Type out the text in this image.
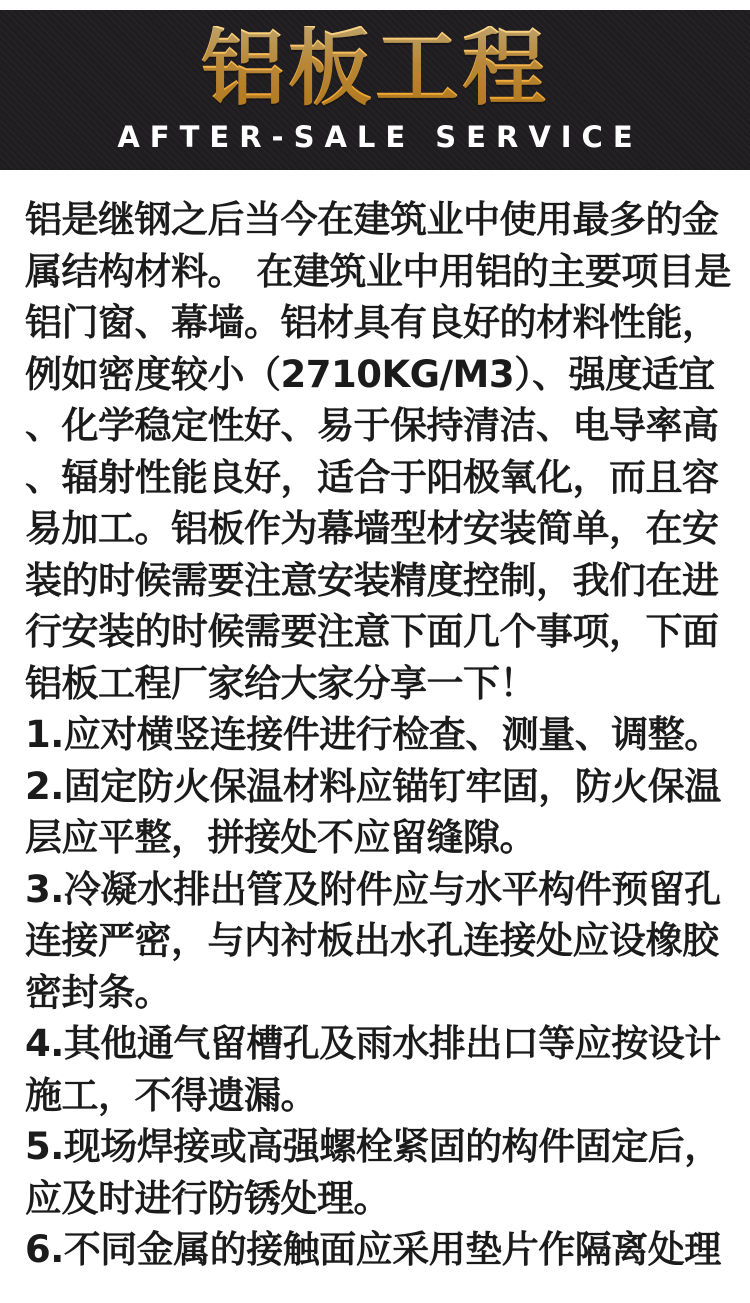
铝板工程
AFTER-SALE SERVICE
铝是继钢之后当今在建筑业中使用最多的金
属结构材料。 在建筑业中用铝的主要项目是
铝门窗、幕墙。铝材具有良好的材料性能，
例如密度较小（2710KG/M3）、强度适宜
、化学稳定性好、易于保持清洁、电导率高
、辐射性能良好，适合于阳极氧化，而且容
易加工。铝板作为幕墙型材安装简单，在安
装的时候需要注意安装精度控制，我们在进
行安装的时候需要注意下面几个事项，下面
铝板工程厂家给大家分享一下！
1.应对横竖连接件进行检查、测量、调整。
2.固定防火保温材料应锚钉牢固，防火保温
层应平整，拼接处不应留缝隙。
3.冷凝水排出管及附件应与水平构件预留孔
连接严密，与内衬板出水孔连接处应设橡胶
密封条。
4.其他通气留槽孔及雨水排出口等应按设计
施工，不得遗漏。
5.现场焊接或高强螺栓紧固的构件固定后，
应及时进行防锈处理。
6.不同金属的接触面应采用垫片作隔离处理
